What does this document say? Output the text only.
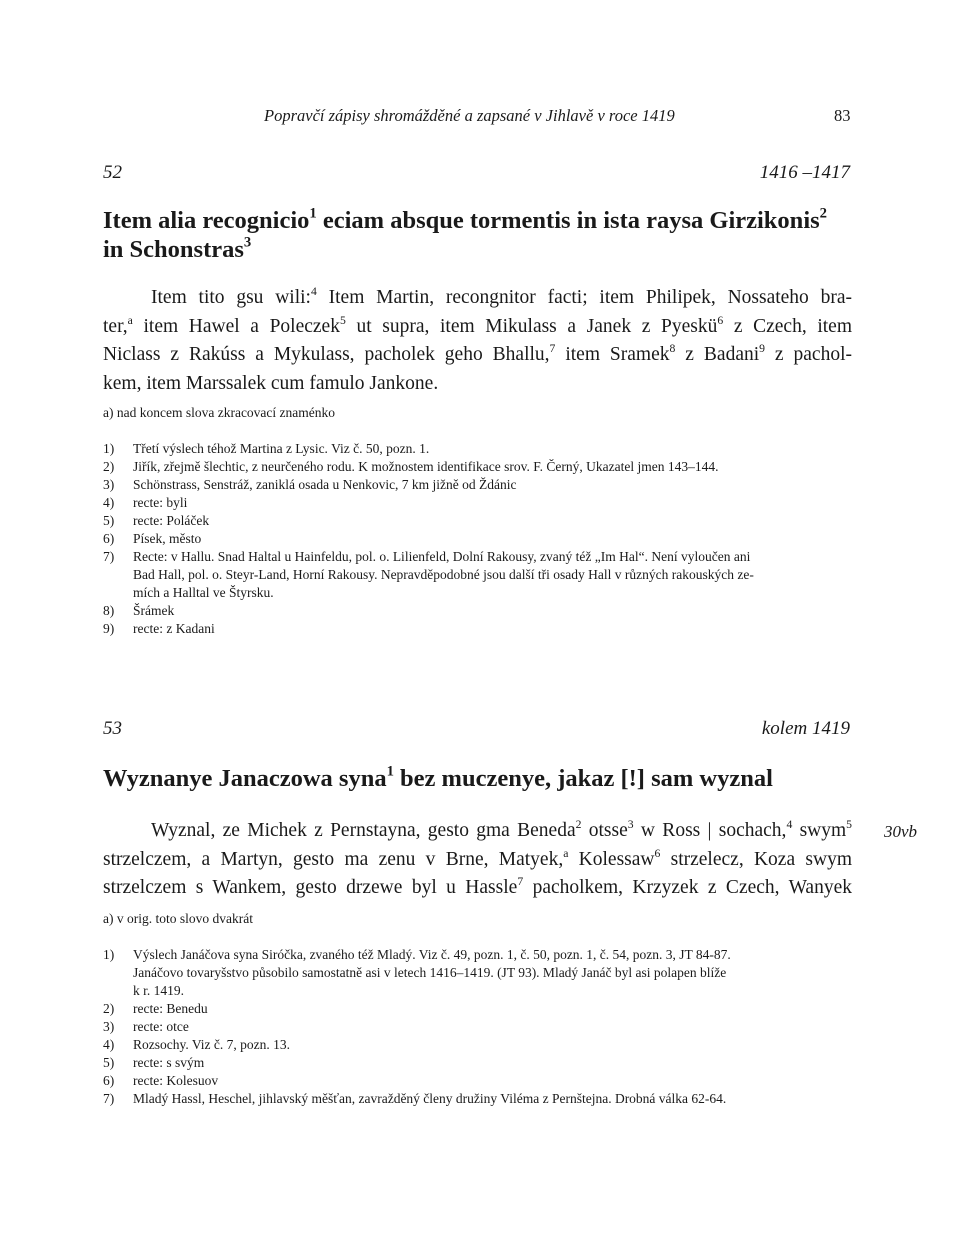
Popravčí zápisy shromážděné a zapsané v Jihlavě v roce 1419	83
52	1416 –1417
Item alia recognicio$^1$ eciam absque tormentis in ista raysa Girzikonis$^2$
in Schonstras$^3$
Item tito gsu wili:$^4$ Item Martin, recongnitor facti; item Philipek, Nossateho bra-
ter,$^a$ item Hawel a Poleczek$^5$ ut supra, item Mikulass a Janek z Pyeskü$^6$ z Czech, item
Niclass z Rakúss a Mykulass, pacholek geho Bhallu,$^7$ item Sramek$^8$ z Badani$^9$ z pachol-
kem, item Marssalek cum famulo Jankone.
a) nad koncem slova zkracovací znaménko
1) Třetí výslech téhož Martina z Lysic. Viz č. 50, pozn. 1.
2) Jiřík, zřejmě šlechtic, z neurčeného rodu. K možnostem identifikace srov. F. Černý, Ukazatel jmen 143–144.
3) Schönstrass, Senstráž, zaniklá osada u Nenkovic, 7 km jižně od Ždánic
4) recte: byli
5) recte: Poláček
6) Písek, město
7) Recte: v Hallu. Snad Haltal u Hainfeldu, pol. o. Lilienfeld, Dolní Rakousy, zvaný též „Im Hal“. Není vyloučen ani
Bad Hall, pol. o. Steyr-Land, Horní Rakousy. Nepravděpodobné jsou další tři osady Hall v různých rakouských ze-
mích a Halltal ve Štyrsku.
8) Šrámek
9) recte: z Kadani
53	kolem 1419
Wyznanye Janaczowa syna$^1$ bez muczenye, jakaz [!] sam wyznal
30vb
Wyznal, ze Michek z Pernstayna, gesto gma Beneda$^2$ otsse$^3$ w Ross | sochach,$^4$ swym$^5$
strzelczem, a Martyn, gesto ma zenu v Brne, Matyek,$^a$ Kolessaw$^6$ strzelecz, Koza swym
strzelczem s Wankem, gesto drzewe byl u Hassle$^7$ pacholkem, Krzyzek z Czech, Wanyek
a) v orig. toto slovo dvakrát
1) Výslech Janáčova syna Siróčka, zvaného též Mladý. Viz č. 49, pozn. 1, č. 50, pozn. 1, č. 54, pozn. 3, JT 84-87.
Janáčovo tovaryšstvo působilo samostatně asi v letech 1416–1419. (JT 93). Mladý Janáč byl asi polapen blíže
k r. 1419.
2) recte: Benedu
3) recte: otce
4) Rozsochy. Viz č. 7, pozn. 13.
5) recte: s svým
6) recte: Kolesuov
7) Mladý Hassl, Heschel, jihlavský měšťan, zavražděný členy družiny Viléma z Pernštejna. Drobná válka 62-64.
